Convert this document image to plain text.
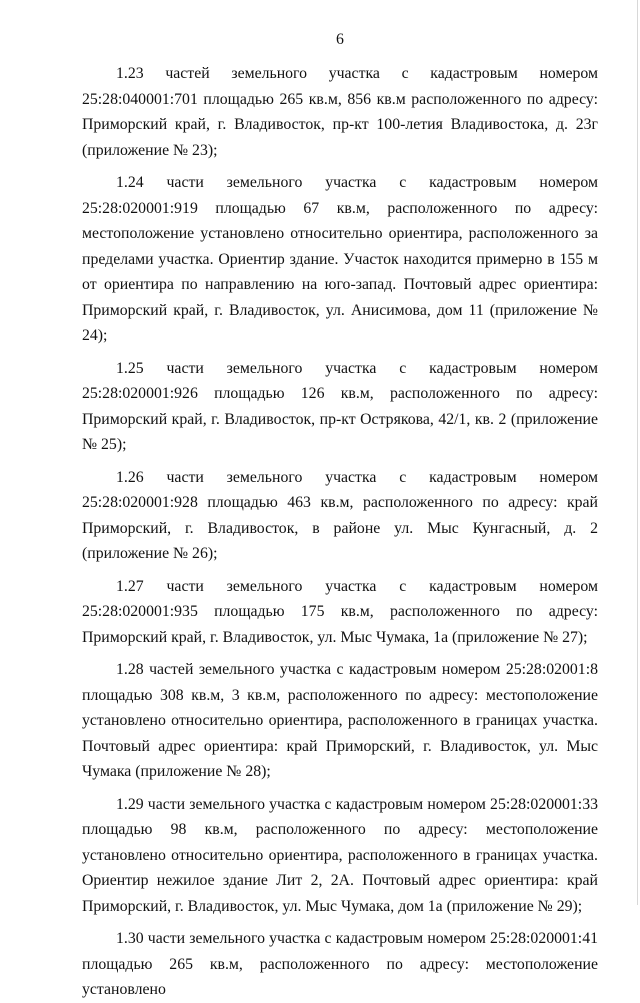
6

1.23 частей земельного участка с кадастровым номером 25:28:040001:701 площадью 265 кв.м, 856 кв.м расположенного по адресу: Приморский край, г. Владивосток, пр-кт 100-летия Владивостока, д. 23г (приложение № 23);

1.24 части земельного участка с кадастровым номером 25:28:020001:919 площадью 67 кв.м, расположенного по адресу: местоположение установлено относительно ориентира, расположенного за пределами участка. Ориентир здание. Участок находится примерно в 155 м от ориентира по направлению на юго-запад. Почтовый адрес ориентира: Приморский край, г. Владивосток, ул. Анисимова, дом 11 (приложение № 24);

1.25 части земельного участка с кадастровым номером 25:28:020001:926 площадью 126 кв.м, расположенного по адресу: Приморский край, г. Владивосток, пр-кт Острякова, 42/1, кв. 2 (приложение № 25);

1.26 части земельного участка с кадастровым номером 25:28:020001:928 площадью 463 кв.м, расположенного по адресу: край Приморский, г. Владивосток, в районе ул. Мыс Кунгасный, д. 2 (приложение № 26);

1.27 части земельного участка с кадастровым номером 25:28:020001:935 площадью 175 кв.м, расположенного по адресу: Приморский край, г. Владивосток, ул. Мыс Чумака, 1а (приложение № 27);

1.28 частей земельного участка с кадастровым номером 25:28:02001:8 площадью 308 кв.м, 3 кв.м, расположенного по адресу: местоположение установлено относительно ориентира, расположенного в границах участка. Почтовый адрес ориентира: край Приморский, г. Владивосток, ул. Мыс Чумака (приложение № 28);

1.29 части земельного участка с кадастровым номером 25:28:020001:33 площадью 98 кв.м, расположенного по адресу: местоположение установлено относительно ориентира, расположенного в границах участка. Ориентир нежилое здание Лит 2, 2А. Почтовый адрес ориентира: край Приморский, г. Владивосток, ул. Мыс Чумака, дом 1а (приложение № 29);

1.30 части земельного участка с кадастровым номером 25:28:020001:41 площадью 265 кв.м, расположенного по адресу: местоположение установлено
